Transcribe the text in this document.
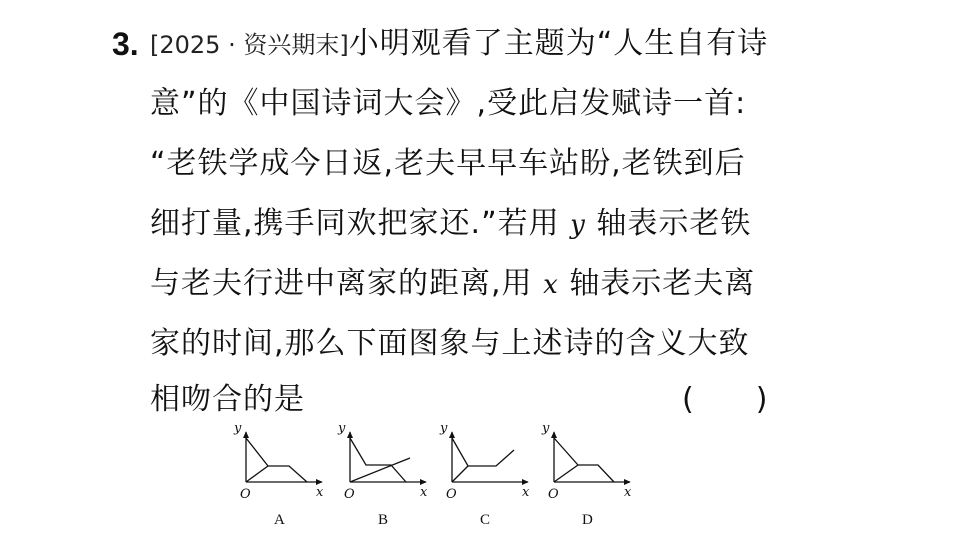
3. [2025 · 资兴期末]小明观看了主题为“人生自有诗
意”的《中国诗词大会》,受此启发赋诗一首:
“老铁学成今日返,老夫早早车站盼,老铁到后
细打量,携手同欢把家还.”若用 y 轴表示老铁
与老夫行进中离家的距离,用 x 轴表示老夫离
家的时间,那么下面图象与上述诗的含义大致
相吻合的是	( )
y
x
O
A
y
x
O
B
y
x
O
C
y
x
O
D
